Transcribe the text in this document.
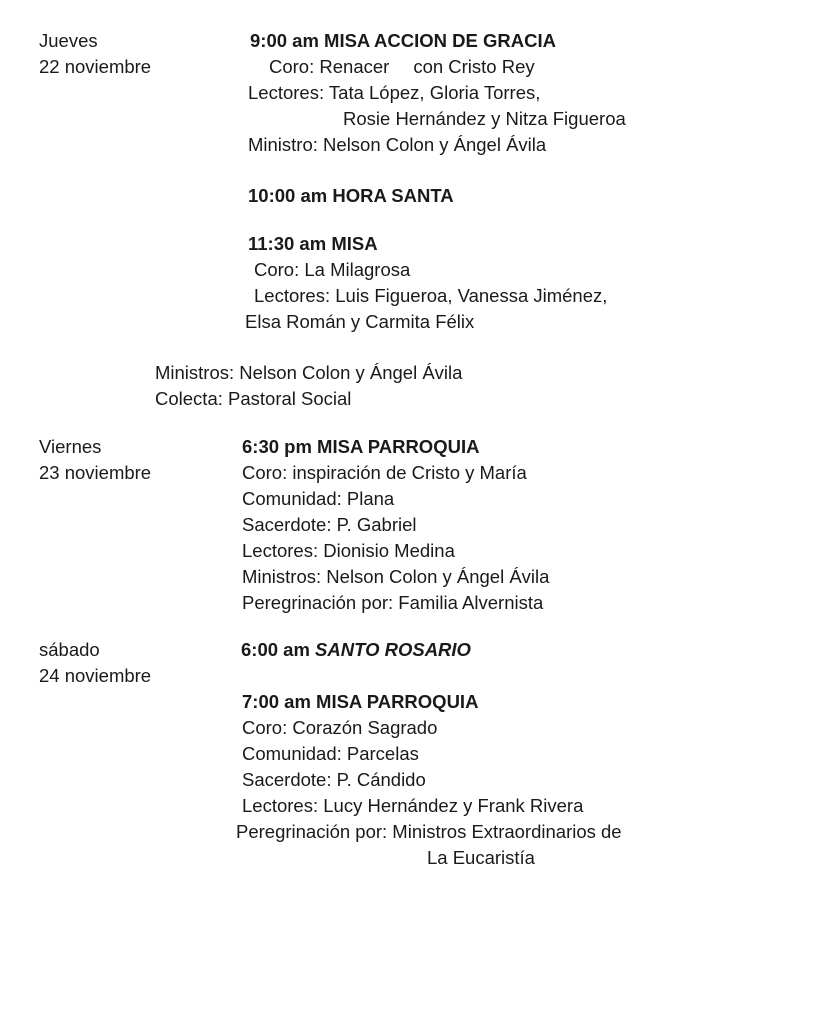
Jueves

22 noviembre

9:00 am MISA ACCION DE GRACIA

Coro: Renacer con Cristo Rey

Lectores: Tata López, Gloria Torres,

Rosie Hernández y Nitza Figueroa

Ministro: Nelson Colon y Ángel Ávila

10:00 am HORA SANTA

11:30 am MISA

Coro: La Milagrosa

Lectores: Luis Figueroa, Vanessa Jiménez,

Elsa Román y Carmita Félix

Ministros: Nelson Colon y Ángel Ávila

Colecta: Pastoral Social

Viernes

23 noviembre

6:30 pm MISA PARROQUIA

Coro: inspiración de Cristo y María

Comunidad: Plana

Sacerdote: P. Gabriel

Lectores: Dionisio Medina

Ministros: Nelson Colon y Ángel Ávila

Peregrinación por: Familia Alvernista

sábado

24 noviembre

6:00 am SANTO ROSARIO

7:00 am MISA PARROQUIA

Coro: Corazón Sagrado

Comunidad: Parcelas

Sacerdote: P. Cándido

Lectores: Lucy Hernández y Frank Rivera

Peregrinación por: Ministros Extraordinarios de

La Eucaristía
